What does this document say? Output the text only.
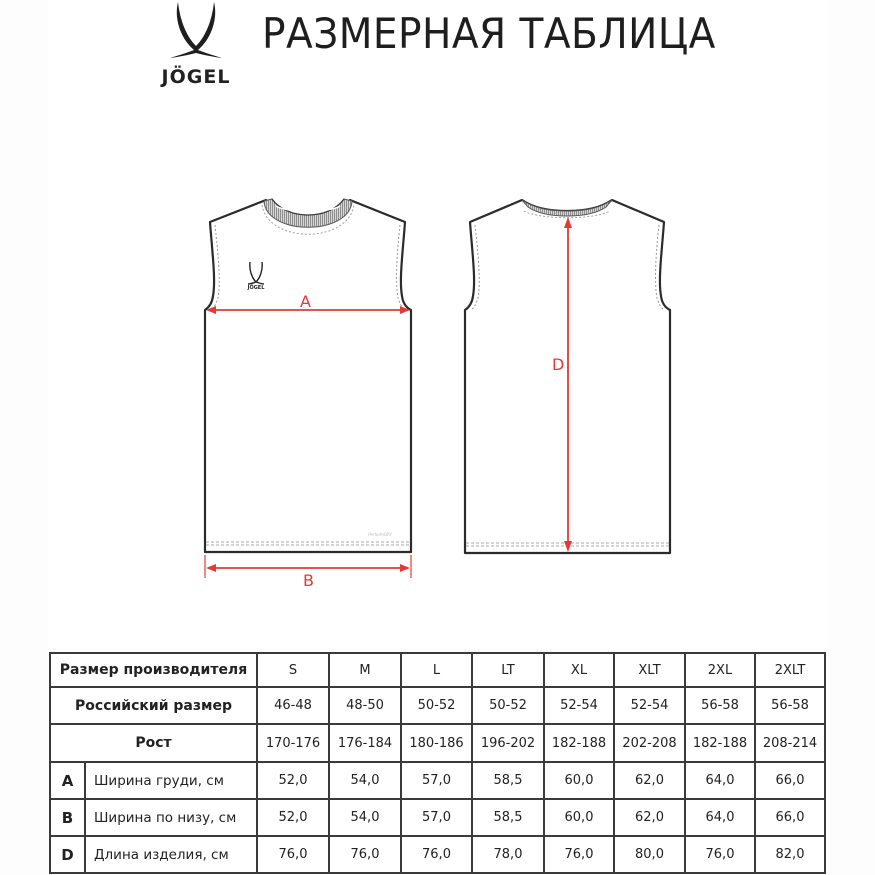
JÖGEL
РАЗМЕРНАЯ ТАБЛИЦА
JÖGEL
PerformDRY
A
B
D
Размер производителя		S	M	L	LT	XL	XLT	2XL	2XLT
Российский размер		46-48	48-50	50-52	50-52	52-54	52-54	56-58	56-58
Рост		170-176	176-184	180-186	196-202	182-188	202-208	182-188	208-214
A	Ширина груди, см	52,0	54,0	57,0	58,5	60,0	62,0	64,0	66,0
B	Ширина по низу, см	52,0	54,0	57,0	58,5	60,0	62,0	64,0	66,0
D	Длина изделия, см	76,0	76,0	76,0	78,0	76,0	80,0	76,0	82,0
